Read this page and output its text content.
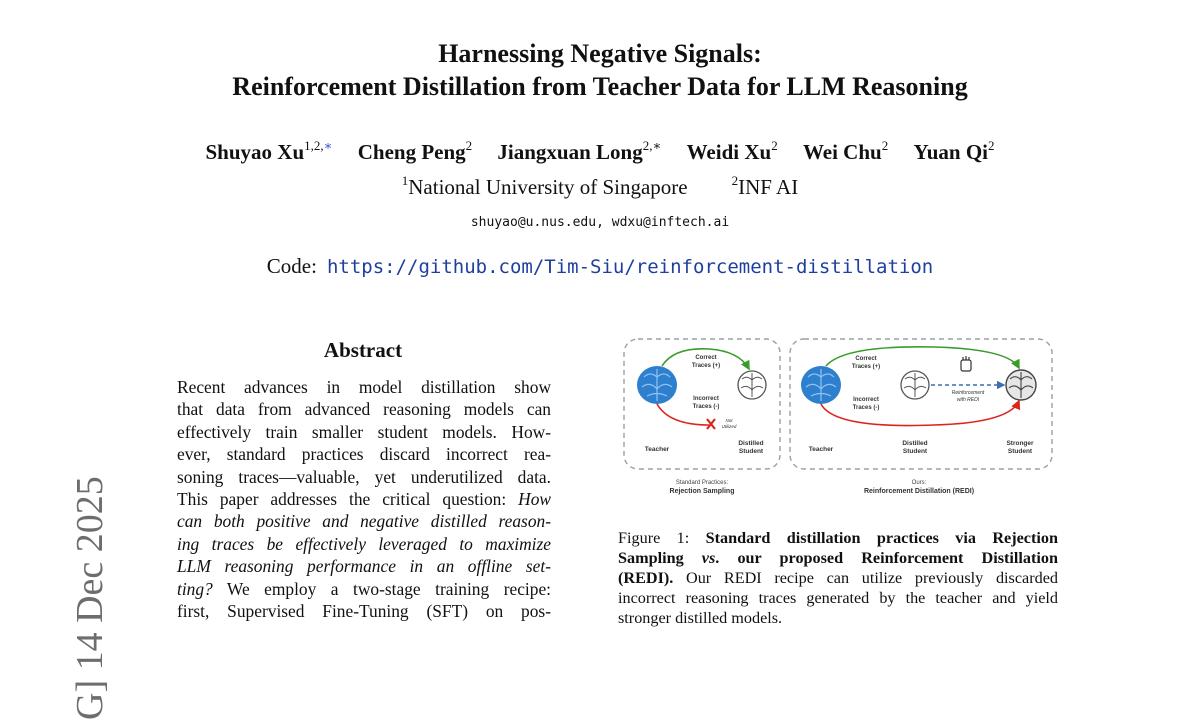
G] 14 Dec 2025
Harnessing Negative Signals:
Reinforcement Distillation from Teacher Data for LLM Reasoning
Shuyao $Xu^{1,2,∗}$ Cheng Peng$^2$ Jiangxuan Long$^{2,∗}$ Weidi Xu$^2$ Wei Chu$^2$ Yuan Qi$^2$
$^1$National University of Singapore	$^2$INF AI
shuyao@u.nus.edu, wdxu@inftech.ai
Code: https://github.com/Tim-Siu/reinforcement-distillation
Abstract
Recent advances in model distillation show
that data from advanced reasoning models can
effectively train smaller student models. How-
ever, standard practices discard incorrect rea-
soning traces—valuable, yet underutilized data.
This paper addresses the critical question: How
can both positive and negative distilled reason-
ing traces be effectively leveraged to maximize
LLM reasoning performance in an offline set-
ting? We employ a two-stage training recipe:
first, Supervised Fine-Tuning (SFT) on pos-
Correct
Traces (+)
Incorrect
Traces (-)
Not
Utilized
Teacher
Distilled
Student
Standard Practices:
Rejection Sampling
Correct
Traces (+)
Incorrect
Traces (-)
Reinforcement
with REDI
Teacher
Distilled
Student
Stronger
Student
Ours:
Reinforcement Distillation (REDI)
Figure 1: Standard distillation practices via Rejection
Sampling vs. our proposed Reinforcement Distillation
(REDI). Our REDI recipe can utilize previously discarded
incorrect reasoning traces generated by the teacher and yield
stronger distilled models.
